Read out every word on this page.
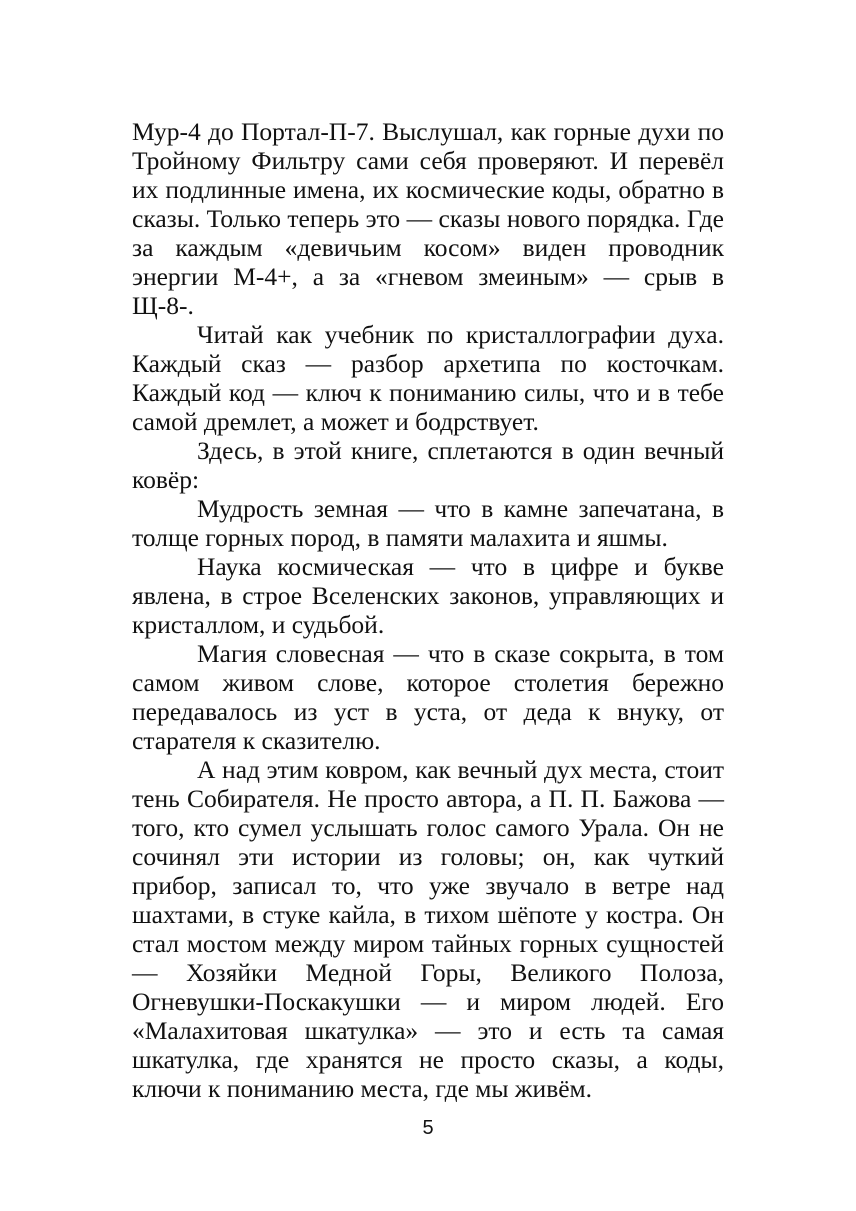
Мур-4 до Портал-П-7. Выслушал, как горные духи по Тройному Фильтру сами себя проверяют. И перевёл их подлинные имена, их космические коды, обратно в сказы. Только теперь это — сказы нового порядка. Где за каждым «девичьим косом» виден проводник энергии М-4+, а за «гневом змеиным» — срыв в Щ-8-.

Читай как учебник по кристаллографии духа. Каждый сказ — разбор архетипа по косточкам. Каждый код — ключ к пониманию силы, что и в тебе самой дремлет, а может и бодрствует.

Здесь, в этой книге, сплетаются в один вечный ковёр:

Мудрость земная — что в камне запечатана, в толще горных пород, в памяти малахита и яшмы.

Наука космическая — что в цифре и букве явлена, в строе Вселенских законов, управляющих и кристаллом, и судьбой.

Магия словесная — что в сказе сокрыта, в том самом живом слове, которое столетия бережно передавалось из уст в уста, от деда к внуку, от старателя к сказителю.

А над этим ковром, как вечный дух места, стоит тень Собирателя. Не просто автора, а П. П. Бажова — того, кто сумел услышать голос самого Урала. Он не сочинял эти истории из головы; он, как чуткий прибор, записал то, что уже звучало в ветре над шахтами, в стуке кайла, в тихом шёпоте у костра. Он стал мостом между миром тайных горных сущностей — Хозяйки Медной Горы, Великого Полоза, Огневушки-Поскакушки — и миром людей. Его «Малахитовая шкатулка» — это и есть та самая шкатулка, где хранятся не просто сказы, а коды, ключи к пониманию места, где мы живём.

5
